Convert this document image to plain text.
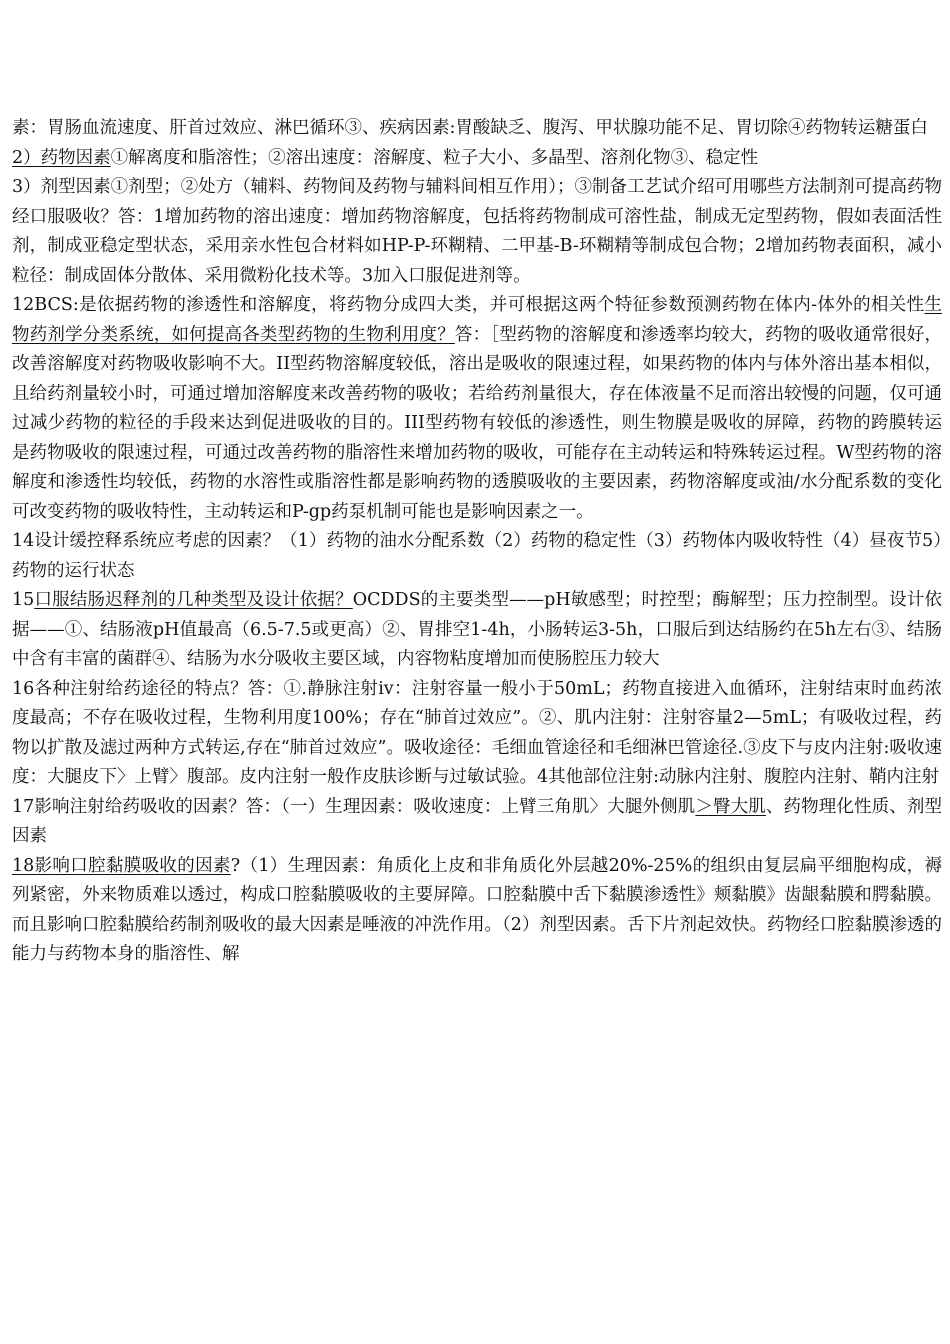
素：胃肠血流速度、肝首过效应、淋巴循环③、疾病因素:胃酸缺乏、腹泻、甲状腺功能不足、胃切除④药物转运糖蛋白

2）药物因素①解离度和脂溶性；②溶出速度：溶解度、粒子大小、多晶型、溶剂化物③、稳定性

3）剂型因素①剂型；②处方（辅料、药物间及药物与辅料间相互作用）；③制备工艺试介绍可用哪些方法制剂可提高药物经口服吸收？答：1增加药物的溶出速度：增加药物溶解度，包括将药物制成可溶性盐，制成无定型药物，假如表面活性剂，制成亚稳定型状态，采用亲水性包合材料如HP-P-环糊精、二甲基-B-环糊精等制成包合物；2增加药物表面积，减小粒径：制成固体分散体、采用微粉化技术等。3加入口服促进剂等。

12BCS:是依据药物的渗透性和溶解度，将药物分成四大类，并可根据这两个特征参数预测药物在体内-体外的相关性生物药剂学分类系统，如何提高各类型药物的生物利用度？答：［型药物的溶解度和渗透率均较大，药物的吸收通常很好，改善溶解度对药物吸收影响不大。II型药物溶解度较低，溶出是吸收的限速过程，如果药物的体内与体外溶出基本相似，且给药剂量较小时，可通过增加溶解度来改善药物的吸收；若给药剂量很大，存在体液量不足而溶出较慢的问题，仅可通过减少药物的粒径的手段来达到促进吸收的目的。III型药物有较低的渗透性，则生物膜是吸收的屏障，药物的跨膜转运是药物吸收的限速过程，可通过改善药物的脂溶性来增加药物的吸收，可能存在主动转运和特殊转运过程。W型药物的溶解度和渗透性均较低，药物的水溶性或脂溶性都是影响药物的透膜吸收的主要因素，药物溶解度或油/水分配系数的变化可改变药物的吸收特性，主动转运和P-gp药泵机制可能也是影响因素之一。

14设计缓控释系统应考虑的因素？（1）药物的油水分配系数（2）药物的稳定性（3）药物体内吸收特性（4）昼夜节5）药物的运行状态

15口服结肠迟释剂的几种类型及设计依据？OCDDS的主要类型——pH敏感型；时控型；酶解型；压力控制型。设计依据——①、结肠液pH值最高（6.5-7.5或更高）②、胃排空1-4h，小肠转运3-5h，口服后到达结肠约在5h左右③、结肠中含有丰富的菌群④、结肠为水分吸收主要区域，内容物粘度增加而使肠腔压力较大

16各种注射给药途径的特点？答：①.静脉注射iv：注射容量一般小于50mL；药物直接进入血循环，注射结束时血药浓度最高；不存在吸收过程，生物利用度100%；存在“肺首过效应”。②、肌内注射：注射容量2—5mL；有吸收过程，药物以扩散及滤过两种方式转运,存在“肺首过效应”。吸收途径：毛细血管途径和毛细淋巴管途径.③皮下与皮内注射:吸收速度：大腿皮下〉上臂〉腹部。皮内注射一般作皮肤诊断与过敏试验。4其他部位注射:动脉内注射、腹腔内注射、鞘内注射

17影响注射给药吸收的因素？答：（一）生理因素：吸收速度：上臂三角肌〉大腿外侧肌＞臀大肌、药物理化性质、剂型因素

18影响口腔黏膜吸收的因素?（1）生理因素：角质化上皮和非角质化外层越20%-25%的组织由复层扁平细胞构成，褥列紧密，外来物质难以透过，构成口腔黏膜吸收的主要屏障。口腔黏膜中舌下黏膜渗透性》颊黏膜》齿龈黏膜和腭黏膜。而且影响口腔黏膜给药制剂吸收的最大因素是唾液的冲洗作用。（2）剂型因素。舌下片剂起效快。药物经口腔黏膜渗透的能力与药物本身的脂溶性、解
